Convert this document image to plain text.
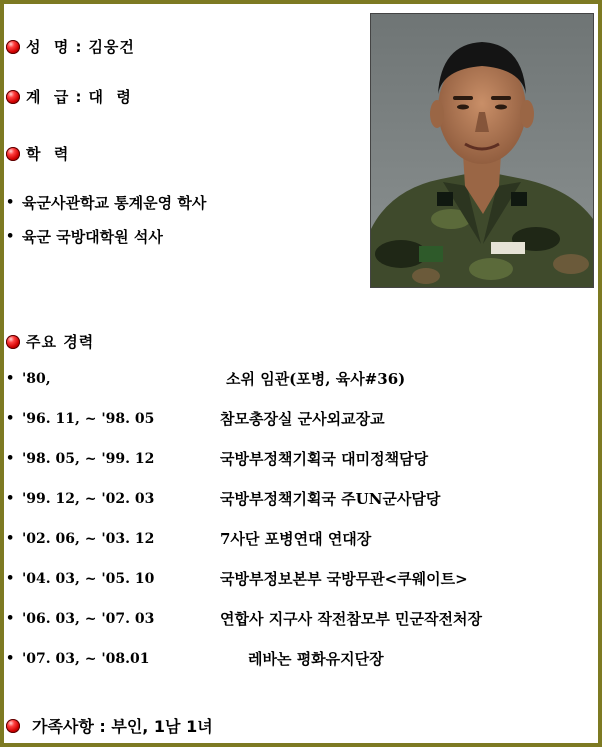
성  명 : 김웅건
계  급 : 대  령
학  력
• 육군사관학교 통계운영 학사
• 육군 국방대학원 석사
주요 경력
• '80,	소위 임관(포병, 육사#36)
• '96. 11, ~ '98. 05	참모총장실 군사외교장교
• '98. 05, ~ '99. 12	국방부정책기획국 대미정책담당
• '99. 12, ~ '02. 03	국방부정책기획국 주UN군사담당
• '02. 06, ~ '03. 12	7사단 포병연대 연대장
• '04. 03, ~ '05. 10	국방부정보본부 국방무관<쿠웨이트>
• '06. 03, ~ '07. 03	연합사 지구사 작전참모부 민군작전처장
• '07. 03, ~ '08.01	레바논 평화유지단장
가족사항 : 부인, 1남 1녀
